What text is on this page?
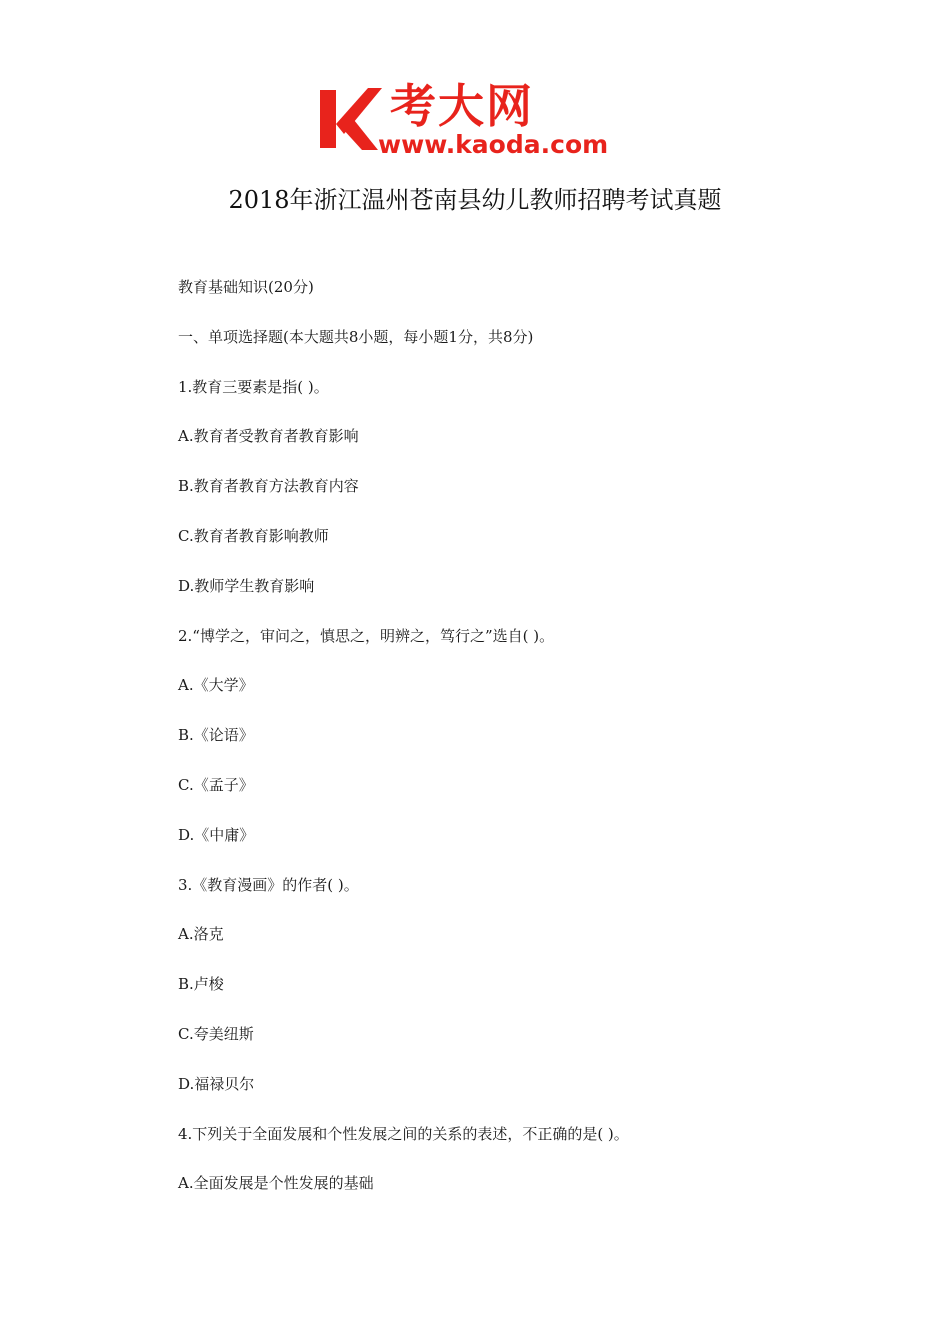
考大网
www.kaoda.com
2018年浙江温州苍南县幼儿教师招聘考试真题
教育基础知识(20分)
一、单项选择题(本大题共8小题，每小题1分，共8分)
1.教育三要素是指( )。
A.教育者受教育者教育影响
B.教育者教育方法教育内容
C.教育者教育影响教师
D.教师学生教育影响
2.“博学之，审问之，慎思之，明辨之，笃行之”选自( )。
A.《大学》
B.《论语》
C.《孟子》
D.《中庸》
3.《教育漫画》的作者( )。
A.洛克
B.卢梭
C.夸美纽斯
D.福禄贝尔
4.下列关于全面发展和个性发展之间的关系的表述，不正确的是( )。
A.全面发展是个性发展的基础
